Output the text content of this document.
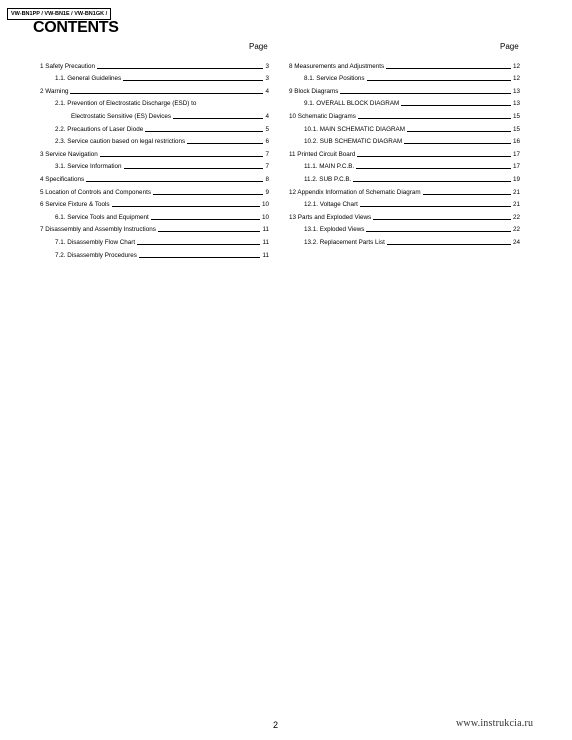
VW-BN1PP / VW-BN1E / VW-BN1GK /
CONTENTS
Page	Page
1 Safety Precaution	3
1.1. General Guidelines	3
2 Warning	4
2.1. Prevention of Electrostatic Discharge (ESD) to
Electrostatic Sensitive (ES) Devices	4
2.2. Precautions of Laser Diode	5
2.3. Service caution based on legal restrictions	6
3 Service Navigation	7
3.1. Service Information	7
4 Specifications	8
5 Location of Controls and Components	9
6 Service Fixture & Tools	10
6.1. Service Tools and Equipment	10
7 Disassembly and Assembly Instructions	11
7.1. Disassembly Flow Chart	11
7.2. Disassembly Procedures	11
8 Measurements and Adjustments	12
8.1. Service Positions	12
9 Block Diagrams	13
9.1. OVERALL BLOCK DIAGRAM	13
10 Schematic Diagrams	15
10.1. MAIN SCHEMATIC DIAGRAM	15
10.2. SUB SCHEMATIC DIAGRAM	16
11 Printed Circuit Board	17
11.1. MAIN P.C.B.	17
11.2. SUB P.C.B.	19
12 Appendix Information of Schematic Diagram	21
12.1. Voltage Chart	21
13 Parts and Exploded Views	22
13.1. Exploded Views	22
13.2. Replacement Parts List	24
2	www.instrukcia.ru
